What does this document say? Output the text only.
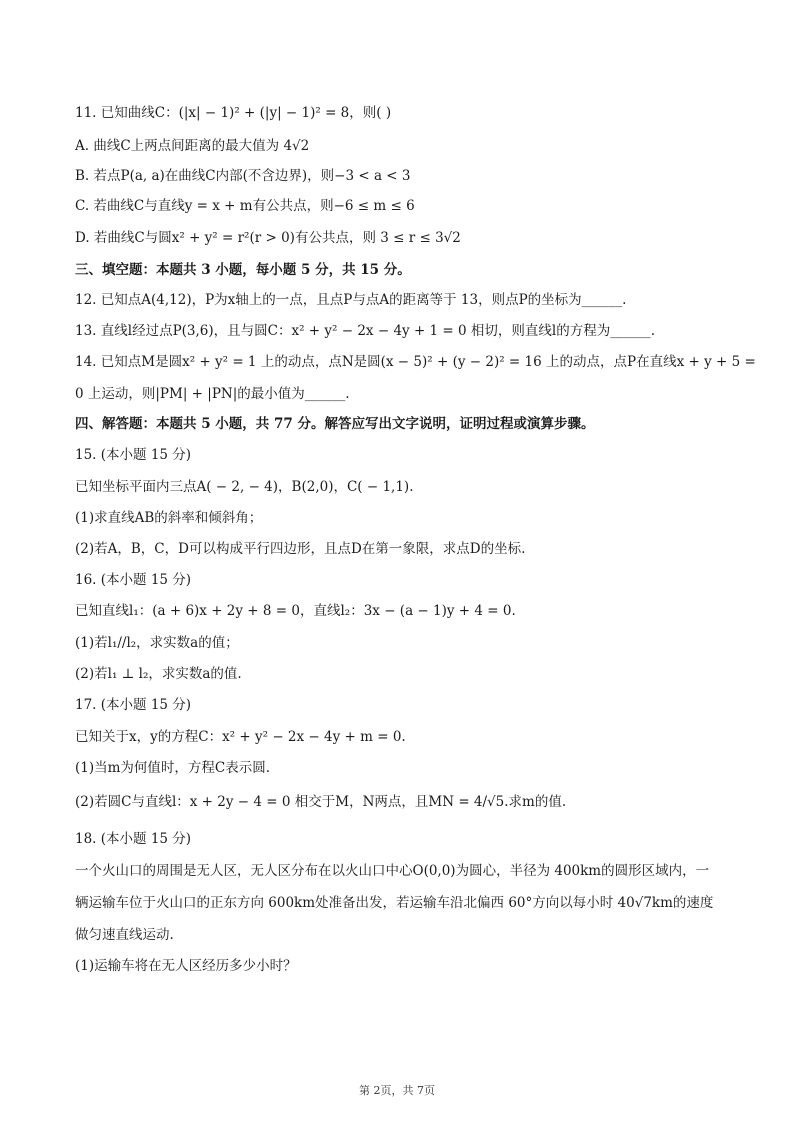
11. 已知曲线C：(|x| − 1)² + (|y| − 1)² = 8，则( )
A. 曲线C上两点间距离的最大值为 4√2
B. 若点P(a, a)在曲线C内部(不含边界)，则−3 < a < 3
C. 若曲线C与直线y = x + m有公共点，则−6 ≤ m ≤ 6
D. 若曲线C与圆x² + y² = r²(r > 0)有公共点，则 3 ≤ r ≤ 3√2
三、填空题：本题共 3 小题，每小题 5 分，共 15 分。
12. 已知点A(4,12)，P为x轴上的一点，且点P与点A的距离等于 13，则点P的坐标为______.
13. 直线l经过点P(3,6)，且与圆C：x² + y² − 2x − 4y + 1 = 0 相切，则直线l的方程为______.
14. 已知点M是圆x² + y² = 1 上的动点，点N是圆(x − 5)² + (y − 2)² = 16 上的动点，点P在直线x + y + 5 =
0 上运动，则|PM| + |PN|的最小值为______.
四、解答题：本题共 5 小题，共 77 分。解答应写出文字说明，证明过程或演算步骤。
15. (本小题 15 分)
已知坐标平面内三点A( − 2, − 4)，B(2,0)，C( − 1,1).
(1)求直线AB的斜率和倾斜角；
(2)若A，B，C，D可以构成平行四边形，且点D在第一象限，求点D的坐标.
16. (本小题 15 分)
已知直线l₁：(a + 6)x + 2y + 8 = 0，直线l₂：3x − (a − 1)y + 4 = 0.
(1)若l₁//l₂，求实数a的值；
(2)若l₁ ⊥ l₂，求实数a的值.
17. (本小题 15 分)
已知关于x，y的方程C：x² + y² − 2x − 4y + m = 0.
(1)当m为何值时，方程C表示圆.
(2)若圆C与直线l：x + 2y − 4 = 0 相交于M，N两点，且MN = 4/√5.求m的值.
18. (本小题 15 分)
一个火山口的周围是无人区，无人区分布在以火山口中心O(0,0)为圆心，半径为 400km的圆形区域内，一
辆运输车位于火山口的正东方向 600km处准备出发，若运输车沿北偏西 60°方向以每小时 40√7km的速度
做匀速直线运动.
(1)运输车将在无人区经历多少小时？
第 2页，共 7页
